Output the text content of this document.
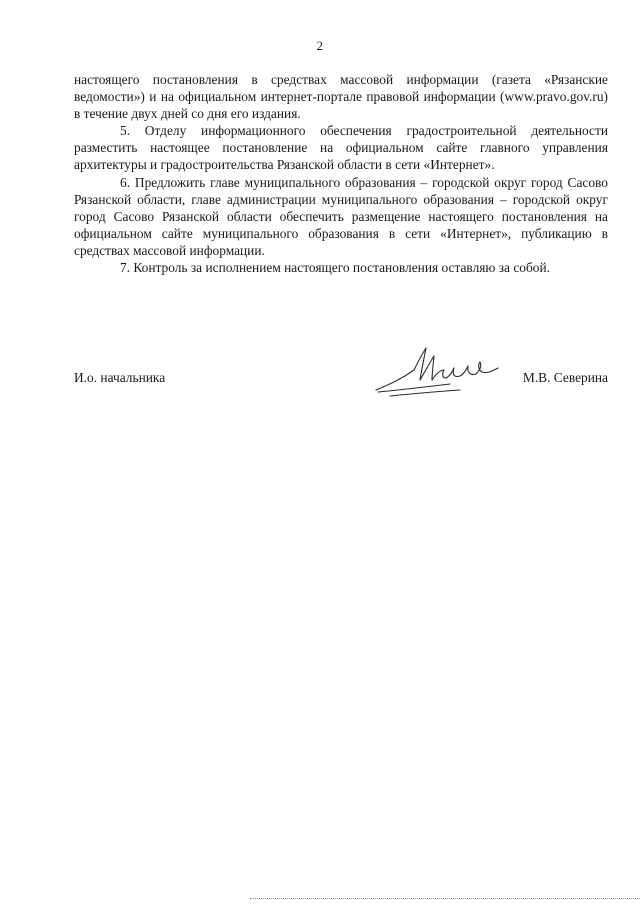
2

настоящего постановления в средствах массовой информации (газета «Рязанские ведомости») и на официальном интернет-портале правовой информации (www.pravo.gov.ru) в течение двух дней со дня его издания.

5. Отделу информационного обеспечения градостроительной деятельности разместить настоящее постановление на официальном сайте главного управления архитектуры и градостроительства Рязанской области в сети «Интернет».

6. Предложить главе муниципального образования – городской округ город Сасово Рязанской области, главе администрации муниципального образования – городской округ город Сасово Рязанской области обеспечить размещение настоящего постановления на официальном сайте муниципального образования в сети «Интернет», публикацию в средствах массовой информации.

7. Контроль за исполнением настоящего постановления оставляю за собой.

И.о. начальника	М.В. Северина
